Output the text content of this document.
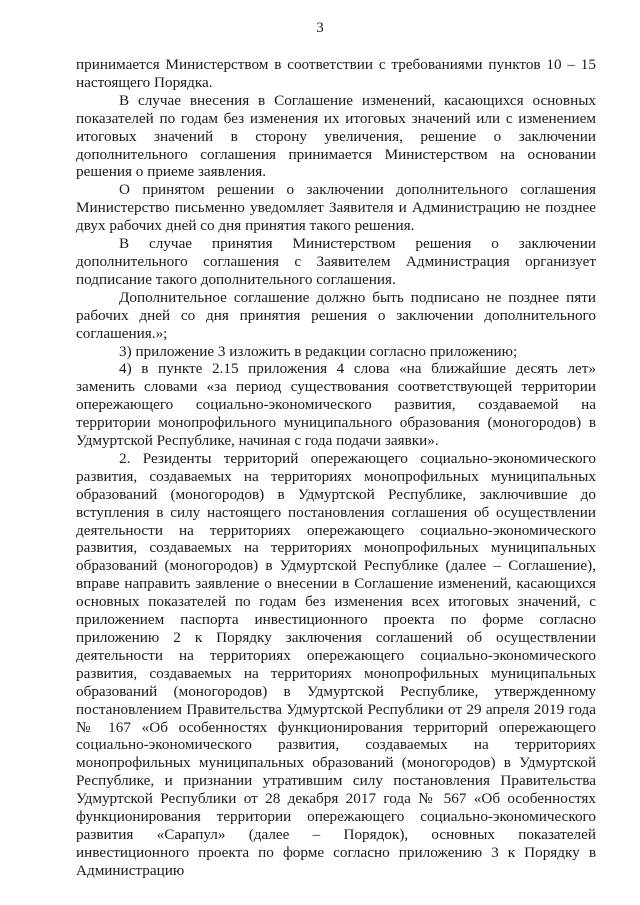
3

принимается Министерством в соответствии с требованиями пунктов 10 – 15 настоящего Порядка.

В случае внесения в Соглашение изменений, касающихся основных показателей по годам без изменения их итоговых значений или с изменением итоговых значений в сторону увеличения, решение о заключении дополнительного соглашения принимается Министерством на основании решения о приеме заявления.

О принятом решении о заключении дополнительного соглашения Министерство письменно уведомляет Заявителя и Администрацию не позднее двух рабочих дней со дня принятия такого решения.

В случае принятия Министерством решения о заключении дополнительного соглашения с Заявителем Администрация организует подписание такого дополнительного соглашения.

Дополнительное соглашение должно быть подписано не позднее пяти рабочих дней со дня принятия решения о заключении дополнительного соглашения.»;

3) приложение 3 изложить в редакции согласно приложению;

4) в пункте 2.15 приложения 4 слова «на ближайшие десять лет» заменить словами «за период существования соответствующей территории опережающего социально-экономического развития, создаваемой на территории монопрофильного муниципального образования (моногородов) в Удмуртской Республике, начиная с года подачи заявки».

2. Резиденты территорий опережающего социально-экономического развития, создаваемых на территориях монопрофильных муниципальных образований (моногородов) в Удмуртской Республике, заключившие до вступления в силу настоящего постановления соглашения об осуществлении деятельности на территориях опережающего социально-экономического развития, создаваемых на территориях монопрофильных муниципальных образований (моногородов) в Удмуртской Республике (далее – Соглашение), вправе направить заявление о внесении в Соглашение изменений, касающихся основных показателей по годам без изменения всех итоговых значений, с приложением паспорта инвестиционного проекта по форме согласно приложению 2 к Порядку заключения соглашений об осуществлении деятельности на территориях опережающего социально-экономического развития, создаваемых на территориях монопрофильных муниципальных образований (моногородов) в Удмуртской Республике, утвержденному постановлением Правительства Удмуртской Республики от 29 апреля 2019 года № 167 «Об особенностях функционирования территорий опережающего социально-экономического развития, создаваемых на территориях монопрофильных муниципальных образований (моногородов) в Удмуртской Республике, и признании утратившим силу постановления Правительства Удмуртской Республики от 28 декабря 2017 года № 567 «Об особенностях функционирования территории опережающего социально-экономического развития «Сарапул» (далее – Порядок), основных показателей инвестиционного проекта по форме согласно приложению 3 к Порядку в Администрацию
